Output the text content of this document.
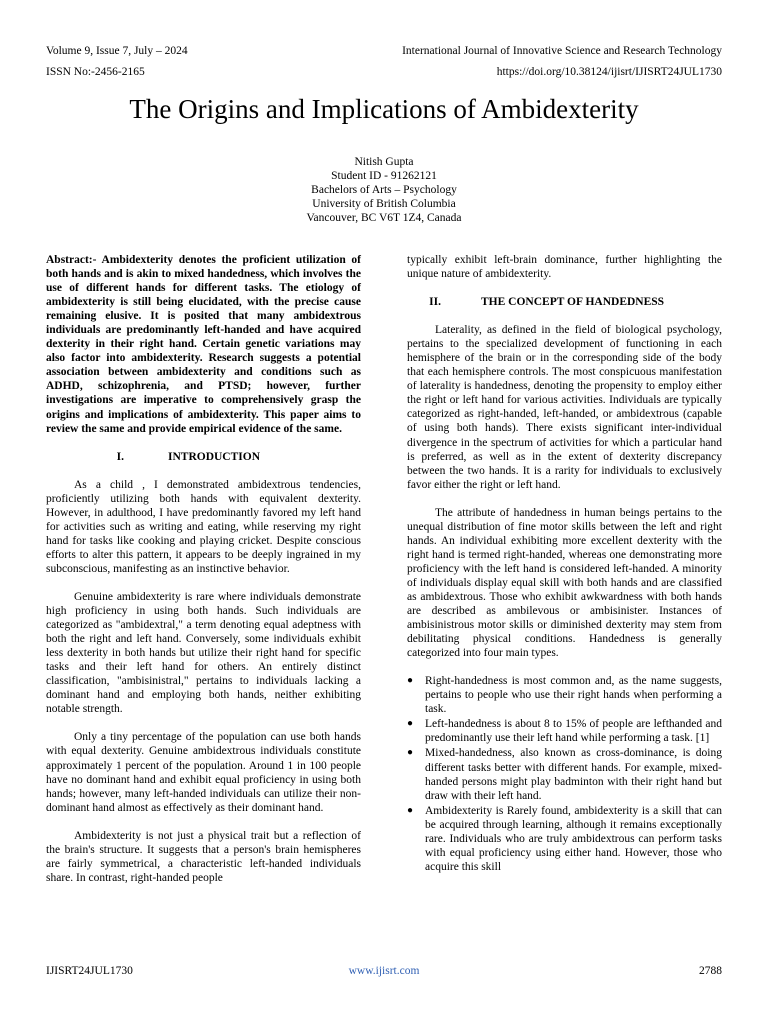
Volume 9, Issue 7, July – 2024	International Journal of Innovative Science and Research Technology
ISSN No:-2456-2165	https://doi.org/10.38124/ijisrt/IJISRT24JUL1730
The Origins and Implications of Ambidexterity
Nitish Gupta
Student ID - 91262121
Bachelors of Arts – Psychology
University of British Columbia
Vancouver, BC V6T 1Z4, Canada

Abstract:- Ambidexterity denotes the proficient utilization of both hands and is akin to mixed handedness, which involves the use of different hands for different tasks. The etiology of ambidexterity is still being elucidated, with the precise cause remaining elusive. It is posited that many ambidextrous individuals are predominantly left-handed and have acquired dexterity in their right hand. Certain genetic variations may also factor into ambidexterity. Research suggests a potential association between ambidexterity and conditions such as ADHD, schizophrenia, and PTSD; however, further investigations are imperative to comprehensively grasp the origins and implications of ambidexterity. This paper aims to review the same and provide empirical evidence of the same.

I.	INTRODUCTION

As a child , I demonstrated ambidextrous tendencies, proficiently utilizing both hands with equivalent dexterity. However, in adulthood, I have predominantly favored my left hand for activities such as writing and eating, while reserving my right hand for tasks like cooking and playing cricket. Despite conscious efforts to alter this pattern, it appears to be deeply ingrained in my subconscious, manifesting as an instinctive behavior.

Genuine ambidexterity is rare where individuals demonstrate high proficiency in using both hands. Such individuals are categorized as "ambidextral," a term denoting equal adeptness with both the right and left hand. Conversely, some individuals exhibit less dexterity in both hands but utilize their right hand for specific tasks and their left hand for others. An entirely distinct classification, "ambisinistral," pertains to individuals lacking a dominant hand and employing both hands, neither exhibiting notable strength.

Only a tiny percentage of the population can use both hands with equal dexterity. Genuine ambidextrous individuals constitute approximately 1 percent of the population. Around 1 in 100 people have no dominant hand and exhibit equal proficiency in using both hands; however, many left-handed individuals can utilize their non-dominant hand almost as effectively as their dominant hand.

Ambidexterity is not just a physical trait but a reflection of the brain's structure. It suggests that a person's brain hemispheres are fairly symmetrical, a characteristic left-handed individuals share. In contrast, right-handed people

typically exhibit left-brain dominance, further highlighting the unique nature of ambidexterity.

II.	THE CONCEPT OF HANDEDNESS

Laterality, as defined in the field of biological psychology, pertains to the specialized development of functioning in each hemisphere of the brain or in the corresponding side of the body that each hemisphere controls. The most conspicuous manifestation of laterality is handedness, denoting the propensity to employ either the right or left hand for various activities. Individuals are typically categorized as right-handed, left-handed, or ambidextrous (capable of using both hands). There exists significant inter-individual divergence in the spectrum of activities for which a particular hand is preferred, as well as in the extent of dexterity discrepancy between the two hands. It is a rarity for individuals to exclusively favor either the right or left hand.

The attribute of handedness in human beings pertains to the unequal distribution of fine motor skills between the left and right hands. An individual exhibiting more excellent dexterity with the right hand is termed right-handed, whereas one demonstrating more proficiency with the left hand is considered left-handed. A minority of individuals display equal skill with both hands and are classified as ambidextrous. Those who exhibit awkwardness with both hands are described as ambilevous or ambisinister. Instances of ambisinistrous motor skills or diminished dexterity may stem from debilitating physical conditions. Handedness is generally categorized into four main types.

● Right-handedness is most common and, as the name suggests, pertains to people who use their right hands when performing a task.
● Left-handedness is about 8 to 15% of people are lefthanded and predominantly use their left hand while performing a task. [1]
● Mixed-handedness, also known as cross-dominance, is doing different tasks better with different hands. For example, mixed-handed persons might play badminton with their right hand but draw with their left hand.
● Ambidexterity is Rarely found, ambidexterity is a skill that can be acquired through learning, although it remains exceptionally rare. Individuals who are truly ambidextrous can perform tasks with equal proficiency using either hand. However, those who acquire this skill
IJISRT24JUL1730	www.ijisrt.com	2788
